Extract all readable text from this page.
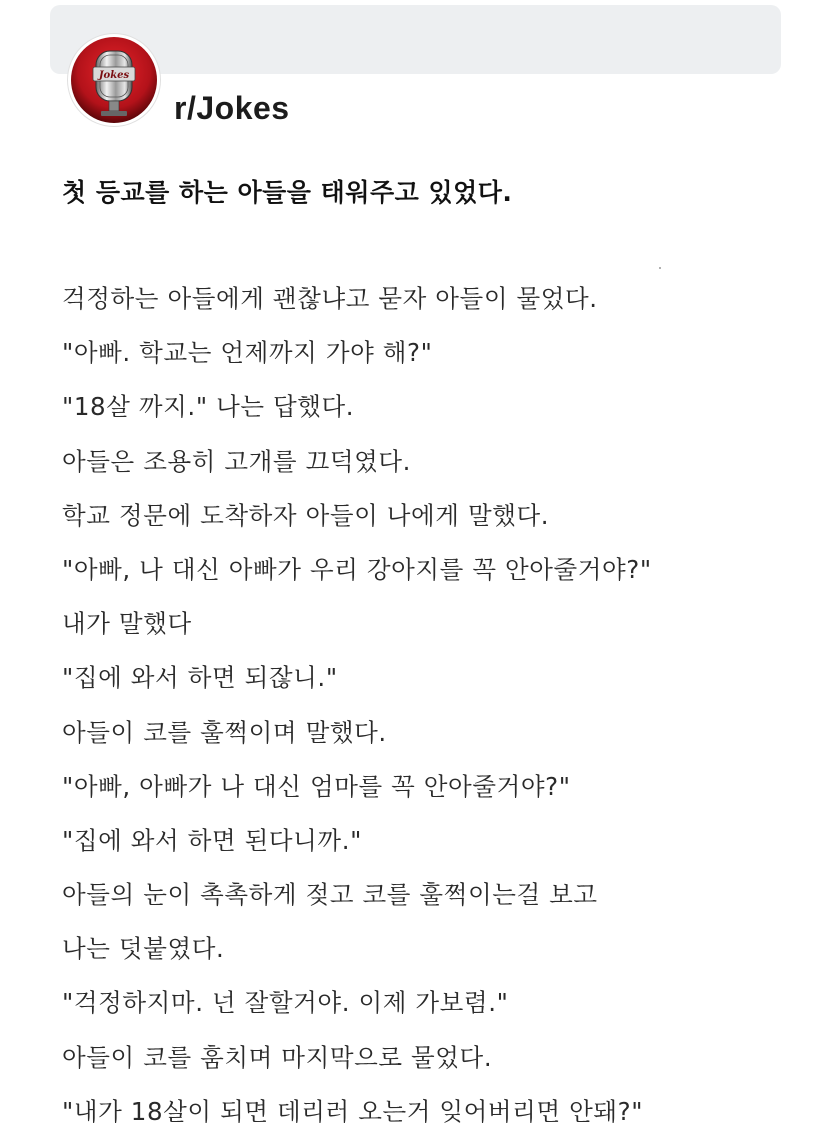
Jokes
r/Jokes
첫 등교를 하는 아들을 태워주고 있었다.
걱정하는 아들에게 괜찮냐고 묻자 아들이 물었다.
"아빠. 학교는 언제까지 가야 해?"
"18살 까지." 나는 답했다.
아들은 조용히 고개를 끄덕였다.
학교 정문에 도착하자 아들이 나에게 말했다.
"아빠, 나 대신 아빠가 우리 강아지를 꼭 안아줄거야?"
내가 말했다
"집에 와서 하면 되잖니."
아들이 코를 훌쩍이며 말했다.
"아빠, 아빠가 나 대신 엄마를 꼭 안아줄거야?"
"집에 와서 하면 된다니까."
아들의 눈이 촉촉하게 젖고 코를 훌쩍이는걸 보고
나는 덧붙였다.
"걱정하지마. 넌 잘할거야. 이제 가보렴."
아들이 코를 훔치며 마지막으로 물었다.
"내가 18살이 되면 데리러 오는거 잊어버리면 안돼?"
